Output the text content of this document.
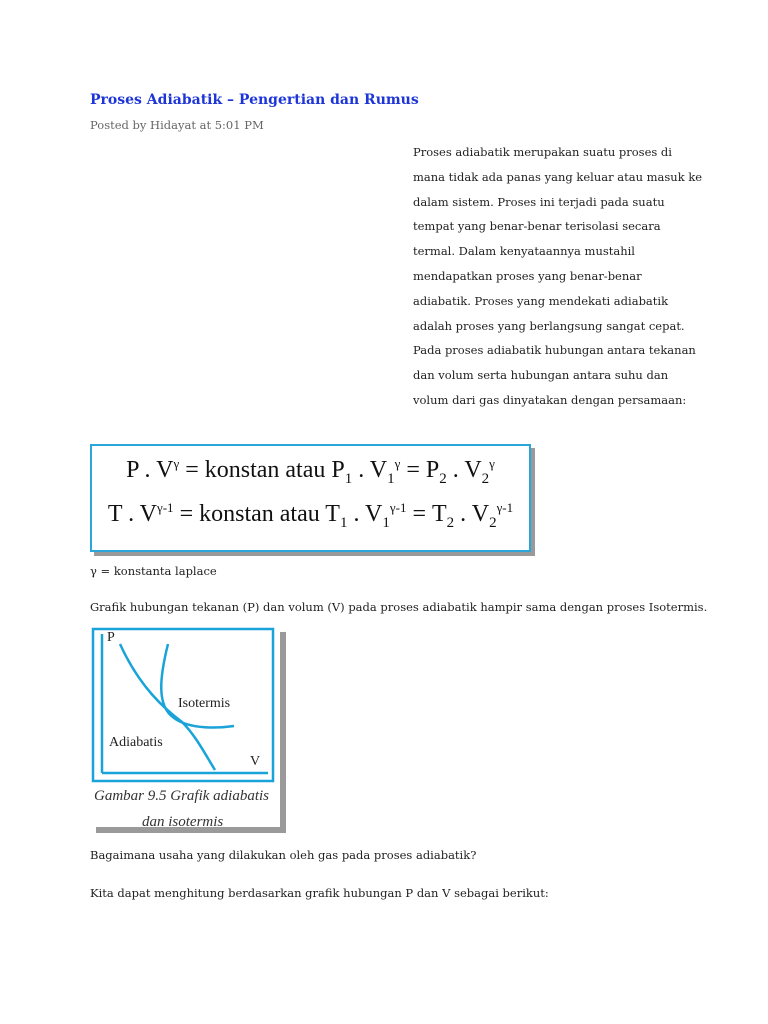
Proses Adiabatik – Pengertian dan Rumus
Posted by Hidayat at 5:01 PM
Proses adiabatik merupakan suatu proses di mana tidak ada panas yang keluar atau masuk ke dalam sistem. Proses ini terjadi pada suatu tempat yang benar-benar terisolasi secara termal. Dalam kenyataannya mustahil mendapatkan proses yang benar-benar adiabatik. Proses yang mendekati adiabatik adalah proses yang berlangsung sangat cepat. Pada proses adiabatik hubungan antara tekanan dan volum serta hubungan antara suhu dan volum dari gas dinyatakan dengan persamaan:
P . $V^\gamma$ = konstan atau $P_1$ . $V_1^\gamma = P_2$ . $V_2^\gamma$
T . $V^{\gamma-1}$ = konstan atau $T_1$ . $V_1^{\gamma-1} = T_2$ . $V_2^{\gamma-1}$
γ = konstanta laplace
Grafik hubungan tekanan (P) dan volum (V) pada proses adiabatik hampir sama dengan proses Isotermis.
P
V
Isotermis
Adiabatis
Gambar 9.5 Grafik adiabatis
dan isotermis
Bagaimana usaha yang dilakukan oleh gas pada proses adiabatik?
Kita dapat menghitung berdasarkan grafik hubungan P dan V sebagai berikut:
